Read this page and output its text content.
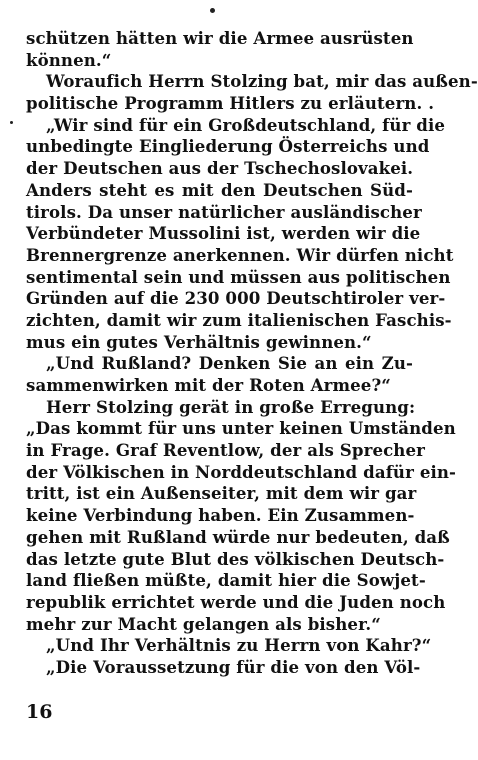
schützen hätten wir die Armee ausrüsten
können.“
Woraufich Herrn Stolzing bat, mir das außen-
politische Programm Hitlers zu erläutern. .
„Wir sind für ein Großdeutschland, für die
unbedingte Eingliederung Österreichs und
der Deutschen aus der Tschechoslovakei.
Anders steht es mit den Deutschen Süd-
tirols. Da unser natürlicher ausländischer
Verbündeter Mussolini ist, werden wir die
Brennergrenze anerkennen. Wir dürfen nicht
sentimental sein und müssen aus politischen
Gründen auf die 230 000 Deutschtiroler ver-
zichten, damit wir zum italienischen Faschis-
mus ein gutes Verhältnis gewinnen.“
„Und Rußland? Denken Sie an ein Zu-
sammenwirken mit der Roten Armee?“
Herr Stolzing gerät in große Erregung:
„Das kommt für uns unter keinen Umständen
in Frage. Graf Reventlow, der als Sprecher
der Völkischen in Norddeutschland dafür ein-
tritt, ist ein Außenseiter, mit dem wir gar
keine Verbindung haben. Ein Zusammen-
gehen mit Rußland würde nur bedeuten, daß
das letzte gute Blut des völkischen Deutsch-
land fließen müßte, damit hier die Sowjet-
republik errichtet werde und die Juden noch
mehr zur Macht gelangen als bisher.“
„Und Ihr Verhältnis zu Herrn von Kahr?“
„Die Voraussetzung für die von den Völ-
16
